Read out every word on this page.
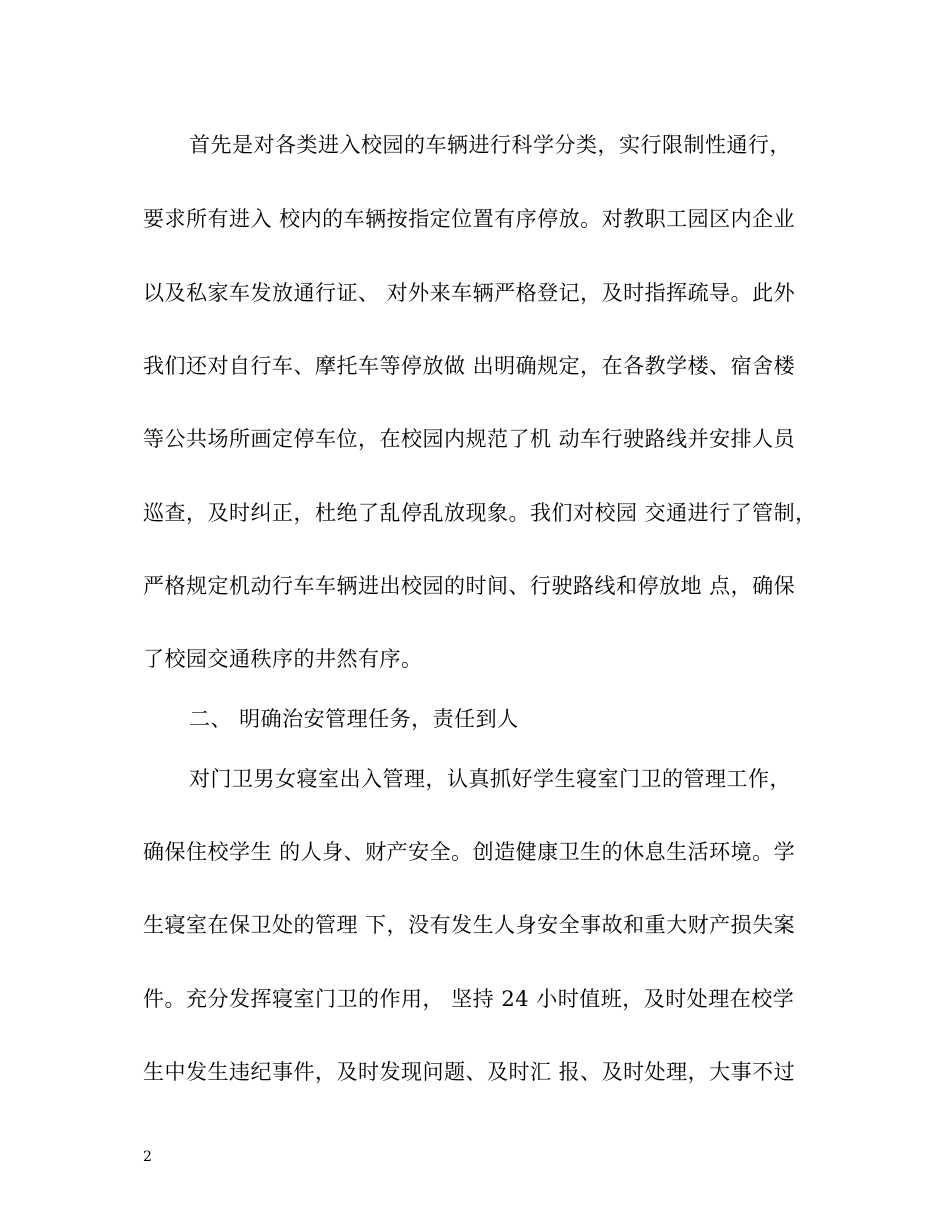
首先是对各类进入校园的车辆进行科学分类，实行限制性通行，
要求所有进入 校内的车辆按指定位置有序停放。对教职工园区内企业
以及私家车发放通行证、 对外来车辆严格登记，及时指挥疏导。此外
我们还对自行车、摩托车等停放做 出明确规定，在各教学楼、宿舍楼
等公共场所画定停车位，在校园内规范了机 动车行驶路线并安排人员
巡查，及时纠正，杜绝了乱停乱放现象。我们对校园 交通进行了管制，
严格规定机动行车车辆进出校园的时间、行驶路线和停放地 点，确保
了校园交通秩序的井然有序。
二、 明确治安管理任务，责任到人
对门卫男女寝室出入管理，认真抓好学生寝室门卫的管理工作，
确保住校学生 的人身、财产安全。创造健康卫生的休息生活环境。学
生寝室在保卫处的管理 下，没有发生人身安全事故和重大财产损失案
件。充分发挥寝室门卫的作用， 坚持 24 小时值班，及时处理在校学
生中发生违纪事件，及时发现问题、及时汇 报、及时处理，大事不过
2
